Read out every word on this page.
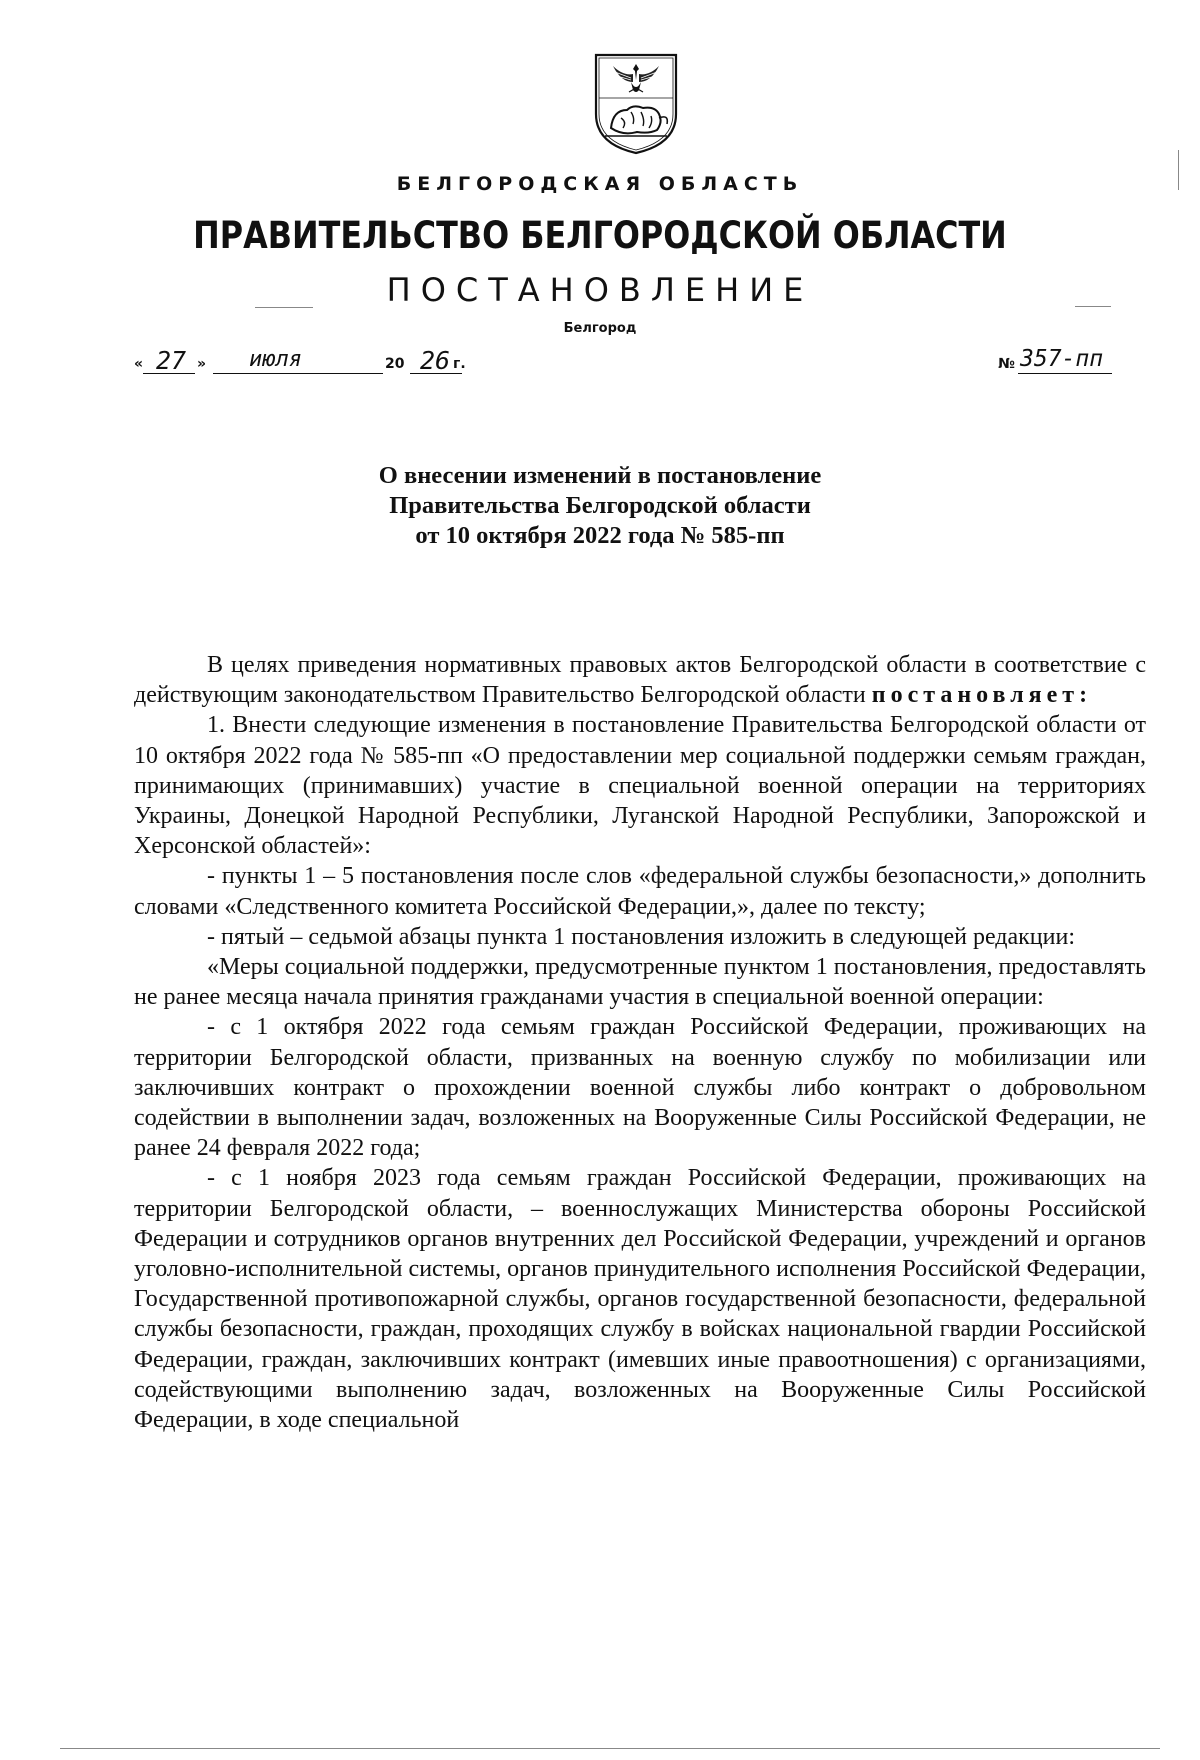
БЕЛГОРОДСКАЯ ОБЛАСТЬ
ПРАВИТЕЛЬСТВО БЕЛГОРОДСКОЙ ОБЛАСТИ
ПОСТАНОВЛЕНИЕ
Белгород
« 27 » июля	20 26 г.	№ 357-пп
О внесении изменений в постановление
Правительства Белгородской области
от 10 октября 2022 года № 585-пп

В целях приведения нормативных правовых актов Белгородской области в соответствие с действующим законодательством Правительство Белгородской области постановляет:

1. Внести следующие изменения в постановление Правительства Белгородской области от 10 октября 2022 года № 585-пп «О предоставлении мер социальной поддержки семьям граждан, принимающих (принимавших) участие в специальной военной операции на территориях Украины, Донецкой Народной Республики, Луганской Народной Республики, Запорожской и Херсонской областей»:

- пункты 1 – 5 постановления после слов «федеральной службы безопасности,» дополнить словами «Следственного комитета Российской Федерации,», далее по тексту;

- пятый – седьмой абзацы пункта 1 постановления изложить в следующей редакции:

«Меры социальной поддержки, предусмотренные пунктом 1 постановления, предоставлять не ранее месяца начала принятия гражданами участия в специальной военной операции:

- с 1 октября 2022 года семьям граждан Российской Федерации, проживающих на территории Белгородской области, призванных на военную службу по мобилизации или заключивших контракт о прохождении военной службы либо контракт о добровольном содействии в выполнении задач, возложенных на Вооруженные Силы Российской Федерации, не ранее 24 февраля 2022 года;

- с 1 ноября 2023 года семьям граждан Российской Федерации, проживающих на территории Белгородской области, – военнослужащих Министерства обороны Российской Федерации и сотрудников органов внутренних дел Российской Федерации, учреждений и органов уголовно-исполнительной системы, органов принудительного исполнения Российской Федерации, Государственной противопожарной службы, органов государственной безопасности, федеральной службы безопасности, граждан, проходящих службу в войсках национальной гвардии Российской Федерации, граждан, заключивших контракт (имевших иные правоотношения) с организациями, содействующими выполнению задач, возложенных на Вооруженные Силы Российской Федерации, в ходе специальной
